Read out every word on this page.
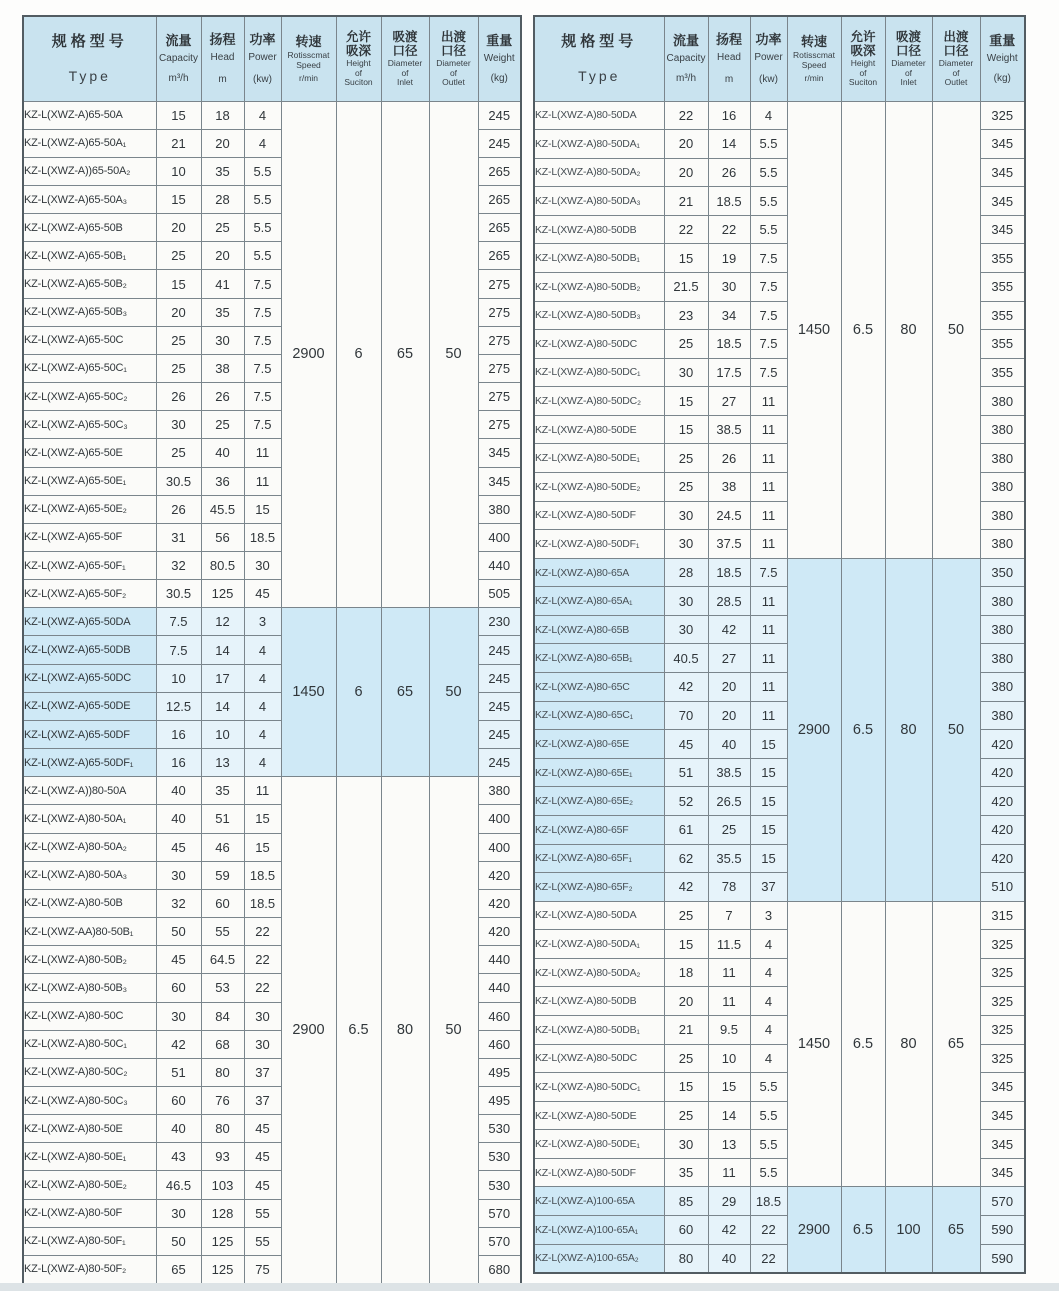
规格型号
Type

流量
Capacity
m³/h

扬程
Head
m

功率
Power
(kw)

转速
Rotisscmat
Speed
r/min

允许
吸深
Height
of
Suciton

吸渡
口径
Diameter
of
Inlet

出渡
口径
Diameter
of
Outlet

重量
Weight
(kg)

KZ-L(XWZ-A)65-50A	15	18	4	2900	6	65	50	245
KZ-L(XWZ-A)65-50A₁	21	20	4					245
KZ-L(XWZ-A))65-50A₂	10	35	5.5					265
KZ-L(XWZ-A)65-50A₃	15	28	5.5					265
KZ-L(XWZ-A)65-50B	20	25	5.5					265
KZ-L(XWZ-A)65-50B₁	25	20	5.5					265
KZ-L(XWZ-A)65-50B₂	15	41	7.5					275
KZ-L(XWZ-A)65-50B₃	20	35	7.5					275
KZ-L(XWZ-A)65-50C	25	30	7.5					275
KZ-L(XWZ-A)65-50C₁	25	38	7.5					275
KZ-L(XWZ-A)65-50C₂	26	26	7.5					275
KZ-L(XWZ-A)65-50C₃	30	25	7.5					275
KZ-L(XWZ-A)65-50E	25	40	11					345
KZ-L(XWZ-A)65-50E₁	30.5	36	11					345
KZ-L(XWZ-A)65-50E₂	26	45.5	15					380
KZ-L(XWZ-A)65-50F	31	56	18.5					400
KZ-L(XWZ-A)65-50F₁	32	80.5	30					440
KZ-L(XWZ-A)65-50F₂	30.5	125	45					505
KZ-L(XWZ-A)65-50DA	7.5	12	3	1450	6	65	50	230
KZ-L(XWZ-A)65-50DB	7.5	14	4					245
KZ-L(XWZ-A)65-50DC	10	17	4					245
KZ-L(XWZ-A)65-50DE	12.5	14	4					245
KZ-L(XWZ-A)65-50DF	16	10	4					245
KZ-L(XWZ-A)65-50DF₁	16	13	4					245
KZ-L(XWZ-A))80-50A	40	35	11	2900	6.5	80	50	380
KZ-L(XWZ-A)80-50A₁	40	51	15					400
KZ-L(XWZ-A)80-50A₂	45	46	15					400
KZ-L(XWZ-A)80-50A₃	30	59	18.5					420
KZ-L(XWZ-A)80-50B	32	60	18.5					420
KZ-L(XWZ-AA)80-50B₁	50	55	22					420
KZ-L(XWZ-A)80-50B₂	45	64.5	22					440
KZ-L(XWZ-A)80-50B₃	60	53	22					440
KZ-L(XWZ-A)80-50C	30	84	30					460
KZ-L(XWZ-A)80-50C₁	42	68	30					460
KZ-L(XWZ-A)80-50C₂	51	80	37					495
KZ-L(XWZ-A)80-50C₃	60	76	37					495
KZ-L(XWZ-A)80-50E	40	80	45					530
KZ-L(XWZ-A)80-50E₁	43	93	45					530
KZ-L(XWZ-A)80-50E₂	46.5	103	45					530
KZ-L(XWZ-A)80-50F	30	128	55					570
KZ-L(XWZ-A)80-50F₁	50	125	55					570
KZ-L(XWZ-A)80-50F₂	65	125	75					680
规格型号
Type

流量
Capacity
m³/h

扬程
Head
m

功率
Power
(kw)

转速
Rotisscmat
Speed
r/min

允许
吸深
Height
of
Suciton

吸渡
口径
Diameter
of
Inlet

出渡
口径
Diameter
of
Outlet

重量
Weight
(kg)

KZ-L(XWZ-A)80-50DA	22	16	4	1450	6.5	80	50	325
KZ-L(XWZ-A)80-50DA₁	20	14	5.5					345
KZ-L(XWZ-A)80-50DA₂	20	26	5.5					345
KZ-L(XWZ-A)80-50DA₃	21	18.5	5.5					345
KZ-L(XWZ-A)80-50DB	22	22	5.5					345
KZ-L(XWZ-A)80-50DB₁	15	19	7.5					355
KZ-L(XWZ-A)80-50DB₂	21.5	30	7.5					355
KZ-L(XWZ-A)80-50DB₃	23	34	7.5					355
KZ-L(XWZ-A)80-50DC	25	18.5	7.5					355
KZ-L(XWZ-A)80-50DC₁	30	17.5	7.5					355
KZ-L(XWZ-A)80-50DC₂	15	27	11					380
KZ-L(XWZ-A)80-50DE	15	38.5	11					380
KZ-L(XWZ-A)80-50DE₁	25	26	11					380
KZ-L(XWZ-A)80-50DE₂	25	38	11					380
KZ-L(XWZ-A)80-50DF	30	24.5	11					380
KZ-L(XWZ-A)80-50DF₁	30	37.5	11					380
KZ-L(XWZ-A)80-65A	28	18.5	7.5	2900	6.5	80	50	350
KZ-L(XWZ-A)80-65A₁	30	28.5	11					380
KZ-L(XWZ-A)80-65B	30	42	11					380
KZ-L(XWZ-A)80-65B₁	40.5	27	11					380
KZ-L(XWZ-A)80-65C	42	20	11					380
KZ-L(XWZ-A)80-65C₁	70	20	11					380
KZ-L(XWZ-A)80-65E	45	40	15					420
KZ-L(XWZ-A)80-65E₁	51	38.5	15					420
KZ-L(XWZ-A)80-65E₂	52	26.5	15					420
KZ-L(XWZ-A)80-65F	61	25	15					420
KZ-L(XWZ-A)80-65F₁	62	35.5	15					420
KZ-L(XWZ-A)80-65F₂	42	78	37					510
KZ-L(XWZ-A)80-50DA	25	7	3	1450	6.5	80	65	315
KZ-L(XWZ-A)80-50DA₁	15	11.5	4					325
KZ-L(XWZ-A)80-50DA₂	18	11	4					325
KZ-L(XWZ-A)80-50DB	20	11	4					325
KZ-L(XWZ-A)80-50DB₁	21	9.5	4					325
KZ-L(XWZ-A)80-50DC	25	10	4					325
KZ-L(XWZ-A)80-50DC₁	15	15	5.5					345
KZ-L(XWZ-A)80-50DE	25	14	5.5					345
KZ-L(XWZ-A)80-50DE₁	30	13	5.5					345
KZ-L(XWZ-A)80-50DF	35	11	5.5					345
KZ-L(XWZ-A)100-65A	85	29	18.5	2900	6.5	100	65	570
KZ-L(XWZ-A)100-65A₁	60	42	22					590
KZ-L(XWZ-A)100-65A₂	80	40	22					590
